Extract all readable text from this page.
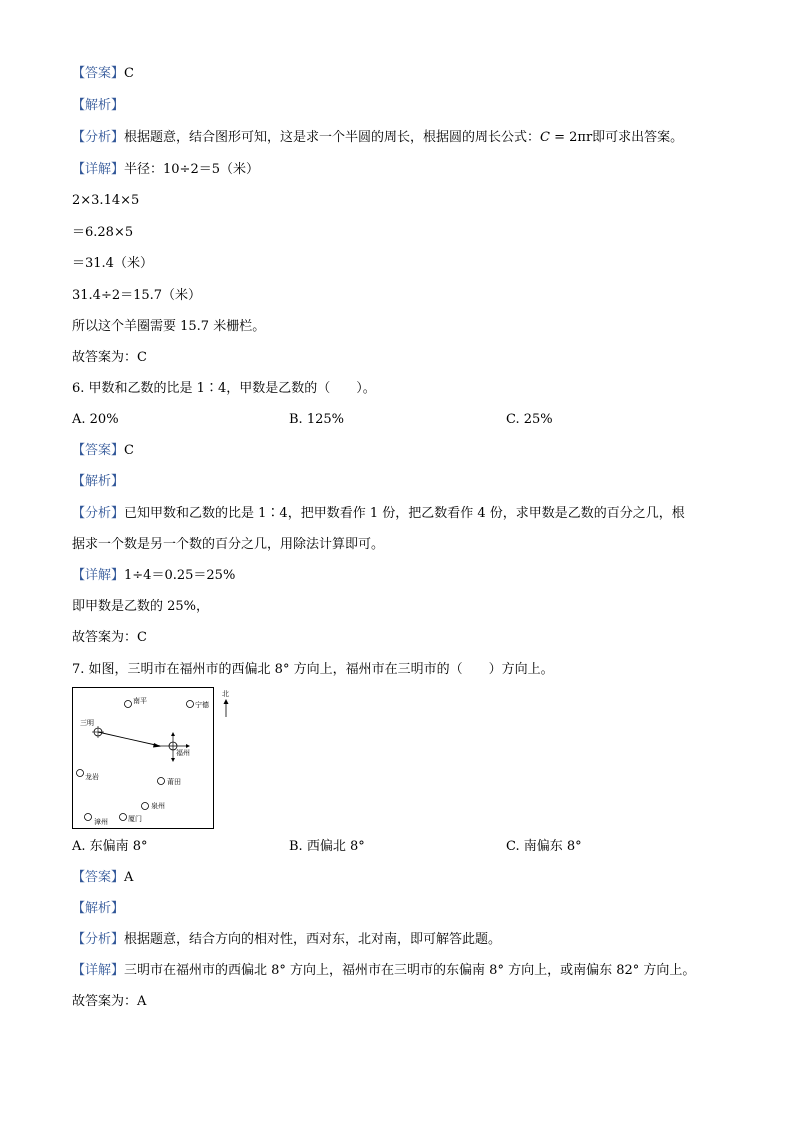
【答案】C
【解析】
【分析】根据题意，结合图形可知，这是求一个半圆的周长，根据圆的周长公式：C = 2πr即可求出答案。
【详解】半径：10÷2＝5（米）
2×3.14×5
＝6.28×5
＝31.4（米）
31.4÷2＝15.7（米）
所以这个羊圈需要 15.7 米栅栏。
故答案为：C
6. 甲数和乙数的比是 1∶4，甲数是乙数的（　　）。
A. 20%	B. 125%	C. 25%
【答案】C
【解析】
【分析】已知甲数和乙数的比是 1∶4，把甲数看作 1 份，把乙数看作 4 份，求甲数是乙数的百分之几，根
据求一个数是另一个数的百分之几，用除法计算即可。
【详解】1÷4＝0.25＝25%
即甲数是乙数的 25%，
故答案为：C
7. 如图，三明市在福州市的西偏北 8° 方向上，福州市在三明市的（　　）方向上。
北
南平	宁德
三明
福州
龙岩
莆田
泉州
漳州	厦门
A. 东偏南 8°	B. 西偏北 8°	C. 南偏东 8°
【答案】A
【解析】
【分析】根据题意，结合方向的相对性，西对东，北对南，即可解答此题。
【详解】三明市在福州市的西偏北 8° 方向上，福州市在三明市的东偏南 8° 方向上，或南偏东 82° 方向上。
故答案为：A
